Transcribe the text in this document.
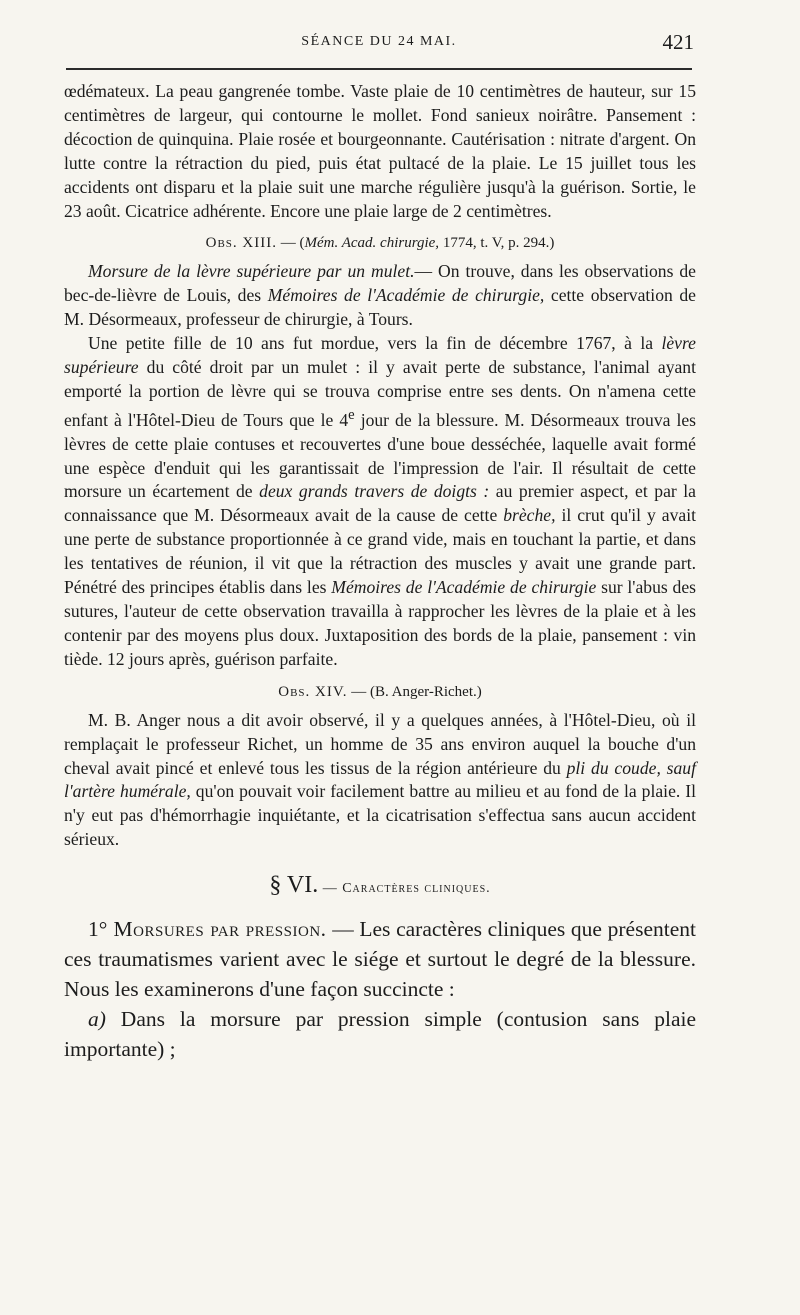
SÉANCE DU 24 MAI.	421

œdémateux. La peau gangrenée tombe. Vaste plaie de 10 centimètres de hauteur, sur 15 centimètres de largeur, qui contourne le mollet. Fond sanieux noirâtre. Pansement : décoction de quinquina. Plaie rosée et bourgeonnante. Cautérisation : nitrate d'argent. On lutte contre la rétraction du pied, puis état pultacé de la plaie. Le 15 juillet tous les accidents ont disparu et la plaie suit une marche régulière jusqu'à la guérison. Sortie, le 23 août. Cicatrice adhérente. Encore une plaie large de 2 centimètres.

Obs. XIII. — (Mém. Acad. chirurgie, 1774, t. V, p. 294.)

Morsure de la lèvre supérieure par un mulet.— On trouve, dans les observations de bec-de-lièvre de Louis, des Mémoires de l'Académie de chirurgie, cette observation de M. Désormeaux, professeur de chirurgie, à Tours.

Une petite fille de 10 ans fut mordue, vers la fin de décembre 1767, à la lèvre supérieure du côté droit par un mulet : il y avait perte de substance, l'animal ayant emporté la portion de lèvre qui se trouva comprise entre ses dents. On n'amena cette enfant à l'Hôtel-Dieu de Tours que le 4e jour de la blessure. M. Désormeaux trouva les lèvres de cette plaie contuses et recouvertes d'une boue desséchée, laquelle avait formé une espèce d'enduit qui les garantissait de l'impression de l'air. Il résultait de cette morsure un écartement de deux grands travers de doigts : au premier aspect, et par la connaissance que M. Désormeaux avait de la cause de cette brèche, il crut qu'il y avait une perte de substance proportionnée à ce grand vide, mais en touchant la partie, et dans les tentatives de réunion, il vit que la rétraction des muscles y avait une grande part. Pénétré des principes établis dans les Mémoires de l'Académie de chirurgie sur l'abus des sutures, l'auteur de cette observation travailla à rapprocher les lèvres de la plaie et à les contenir par des moyens plus doux. Juxtaposition des bords de la plaie, pansement : vin tiède. 12 jours après, guérison parfaite.

Obs. XIV. — (B. Anger-Richet.)

M. B. Anger nous a dit avoir observé, il y a quelques années, à l'Hôtel-Dieu, où il remplaçait le professeur Richet, un homme de 35 ans environ auquel la bouche d'un cheval avait pincé et enlevé tous les tissus de la région antérieure du pli du coude, sauf l'artère humérale, qu'on pouvait voir facilement battre au milieu et au fond de la plaie. Il n'y eut pas d'hémorrhagie inquiétante, et la cicatrisation s'effectua sans aucun accident sérieux.

§ VI. — Caractères cliniques.

1° Morsures par pression. — Les caractères cliniques que présentent ces traumatismes varient avec le siége et surtout le degré de la blessure. Nous les examinerons d'une façon succincte :

a) Dans la morsure par pression simple (contusion sans plaie importante) ;
